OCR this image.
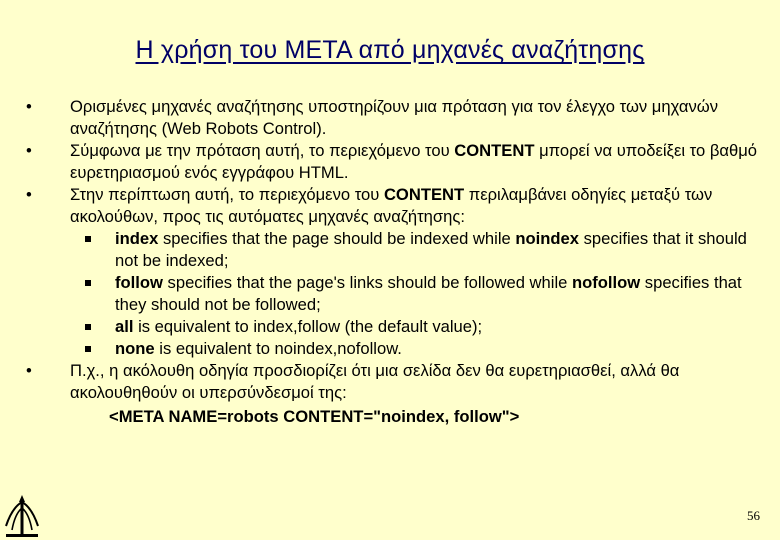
Η χρήση του ΜΕΤΑ από μηχανές αναζήτησης

•	Ορισμένες μηχανές αναζήτησης υποστηρίζουν μια πρόταση για τον έλεγχο των μηχανών αναζήτησης (Web Robots Control).

•	Σύμφωνα με την πρόταση αυτή, το περιεχόμενο του CONTENT μπορεί να υποδείξει το βαθμό ευρετηριασμού ενός εγγράφου HTML.

•	Στην περίπτωση αυτή, το περιεχόμενο του CONTENT περιλαμβάνει οδηγίες μεταξύ των ακολούθων, προς τις αυτόματες μηχανές αναζήτησης:

index specifies that the page should be indexed while noindex specifies that it should not be indexed;

follow specifies that the page's links should be followed while nofollow specifies that they should not be followed;

all is equivalent to index,follow (the default value);

none is equivalent to noindex,nofollow.

•	Π.χ., η ακόλουθη οδηγία προσδιορίζει ότι μια σελίδα δεν θα ευρετηριασθεί, αλλά θα ακολουθηθούν οι υπερσύνδεσμοί της:

<META NAME=robots CONTENT="noindex, follow">

56
